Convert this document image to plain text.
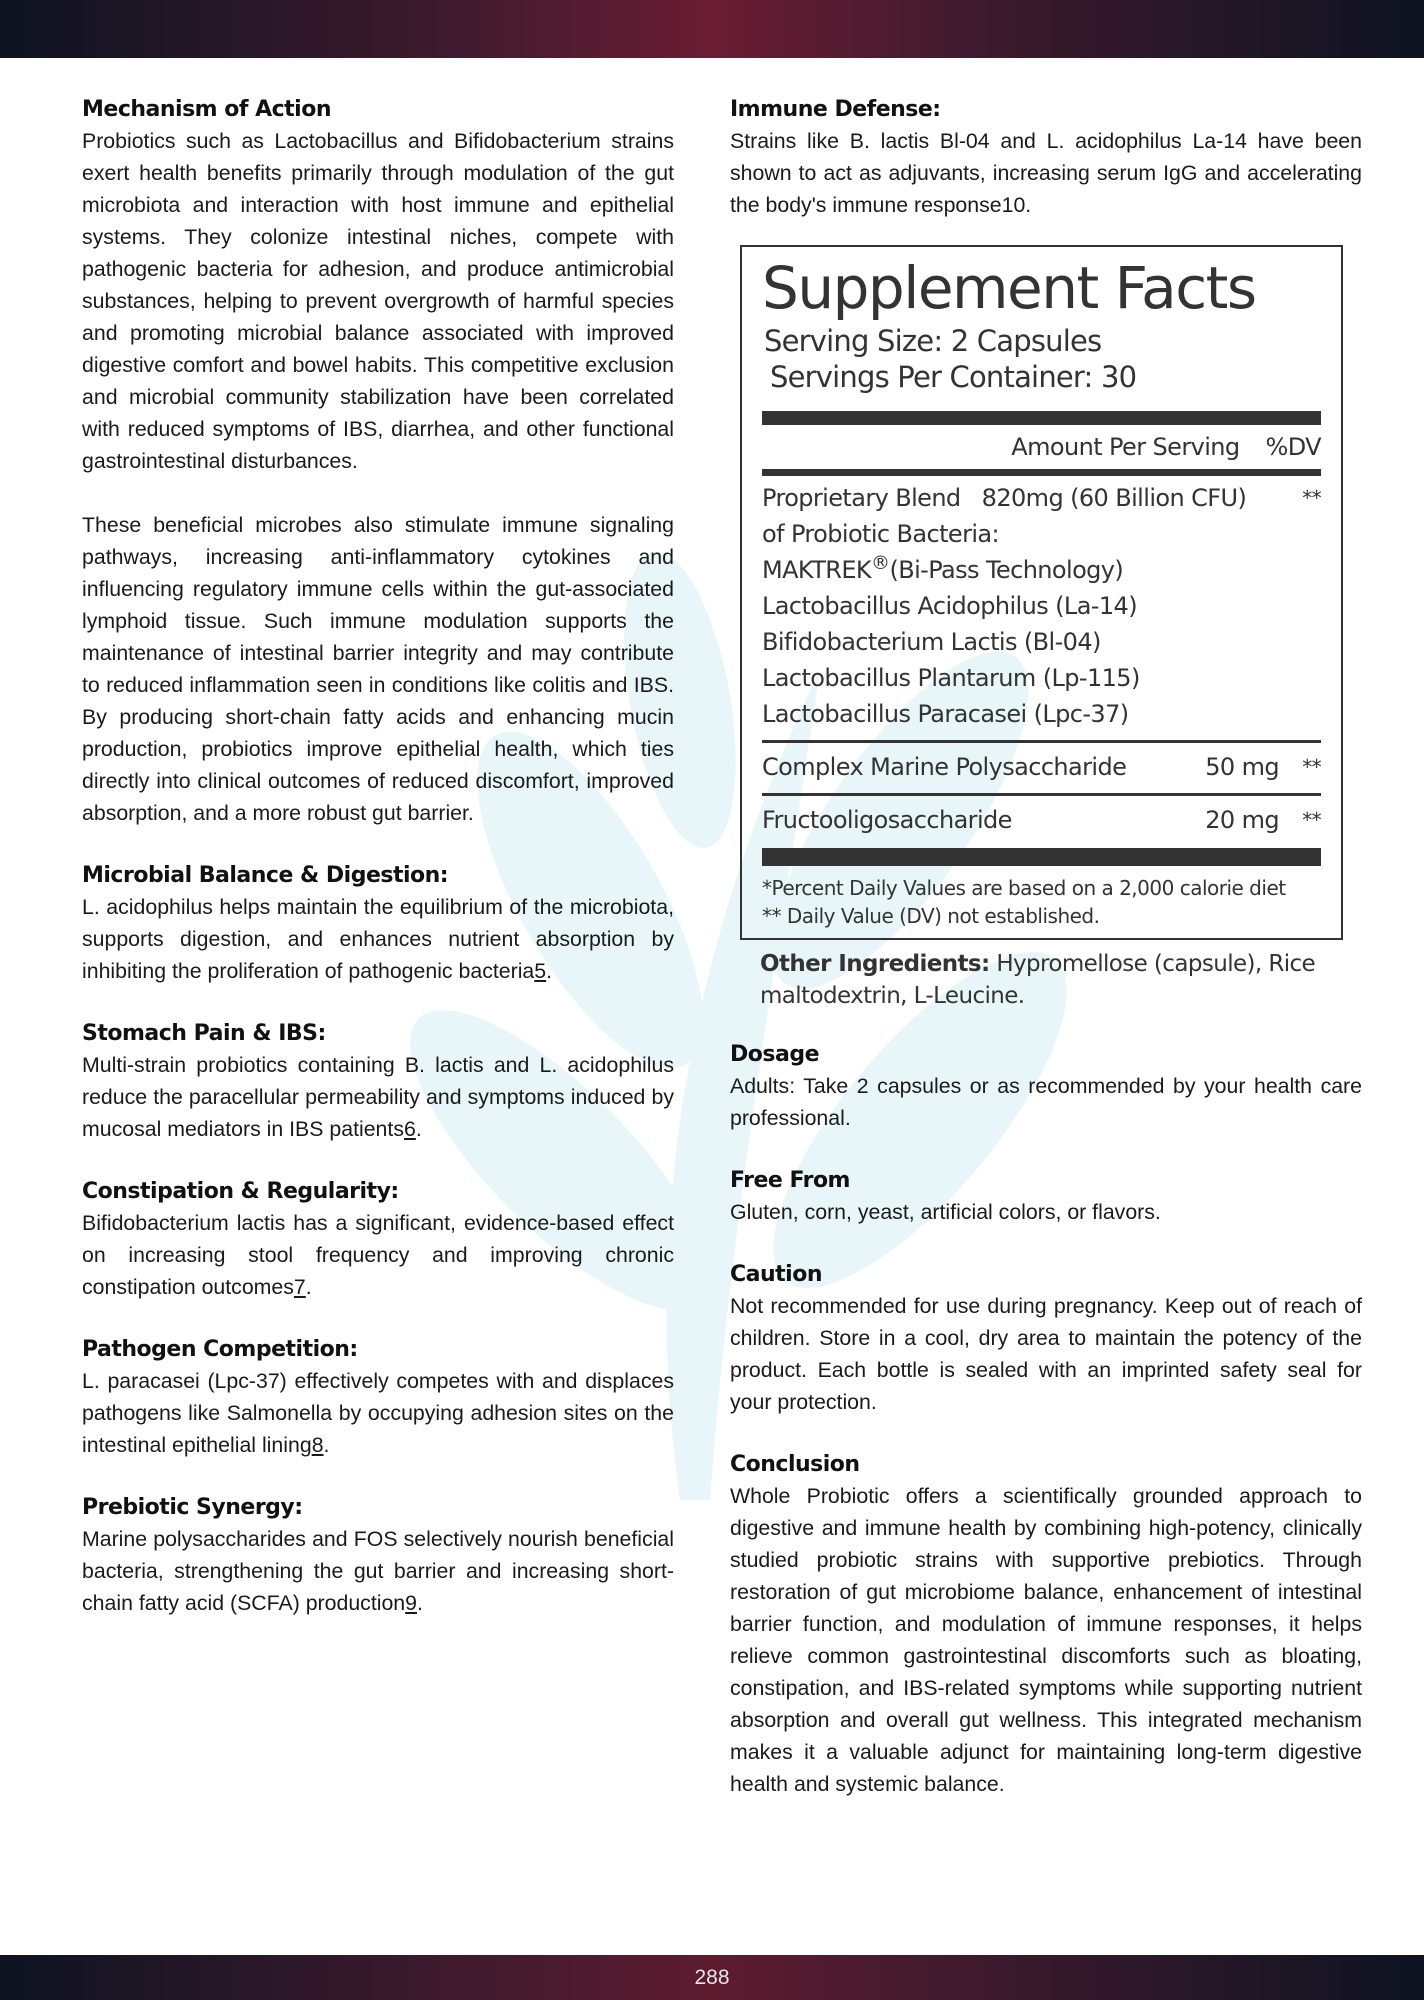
Mechanism of Action

Probiotics such as Lactobacillus and Bifidobacterium strains exert health benefits primarily through modulation of the gut microbiota and interaction with host immune and epithelial systems. They colonize intestinal niches, compete with pathogenic bacteria for adhesion, and produce antimicrobial substances, helping to prevent overgrowth of harmful species and promoting microbial balance associated with improved digestive comfort and bowel habits. This competitive exclusion and microbial community stabilization have been correlated with reduced symptoms of IBS, diarrhea, and other functional gastrointestinal disturbances.

These beneficial microbes also stimulate immune signaling pathways, increasing anti-inflammatory cytokines and influencing regulatory immune cells within the gut-associated lymphoid tissue. Such immune modulation supports the maintenance of intestinal barrier integrity and may contribute to reduced inflammation seen in conditions like colitis and IBS. By producing short-chain fatty acids and enhancing mucin production, probiotics improve epithelial health, which ties directly into clinical outcomes of reduced discomfort, improved absorption, and a more robust gut barrier.

Microbial Balance & Digestion:

L. acidophilus helps maintain the equilibrium of the microbiota, supports digestion, and enhances nutrient absorption by inhibiting the proliferation of pathogenic bacteria5.

Stomach Pain & IBS:

Multi-strain probiotics containing B. lactis and L. acidophilus reduce the paracellular permeability and symptoms induced by mucosal mediators in IBS patients6.

Constipation & Regularity:

Bifidobacterium lactis has a significant, evidence-based effect on increasing stool frequency and improving chronic constipation outcomes7.

Pathogen Competition:

L. paracasei (Lpc-37) effectively competes with and displaces pathogens like Salmonella by occupying adhesion sites on the intestinal epithelial lining8.

Prebiotic Synergy:

Marine polysaccharides and FOS selectively nourish beneficial bacteria, strengthening the gut barrier and increasing short-chain fatty acid (SCFA) production9.

Immune Defense:

Strains like B. lactis Bl-04 and L. acidophilus La-14 have been shown to act as adjuvants, increasing serum IgG and accelerating the body's immune response10.

Supplement Facts
Serving Size: 2 Capsules
Servings Per Container: 30
Amount Per Serving %DV
Proprietary Blend 820mg (60 Billion CFU)	**
of Probiotic Bacteria:
MAKTREK®(Bi-Pass Technology)
Lactobacillus Acidophilus (La-14)
Bifidobacterium Lactis (Bl-04)
Lactobacillus Plantarum (Lp-115)
Lactobacillus Paracasei (Lpc-37)
Complex Marine Polysaccharide	50 mg	**
Fructooligosaccharide	20 mg	**
*Percent Daily Values are based on a 2,000 calorie diet
** Daily Value (DV) not established.
Other Ingredients: Hypromellose (capsule), Rice maltodextrin, L-Leucine.
Dosage

Adults: Take 2 capsules or as recommended by your health care professional.

Free From

Gluten, corn, yeast, artificial colors, or flavors.

Caution

Not recommended for use during pregnancy. Keep out of reach of children. Store in a cool, dry area to maintain the potency of the product. Each bottle is sealed with an imprinted safety seal for your protection.

Conclusion

Whole Probiotic offers a scientifically grounded approach to digestive and immune health by combining high-potency, clinically studied probiotic strains with supportive prebiotics. Through restoration of gut microbiome balance, enhancement of intestinal barrier function, and modulation of immune responses, it helps relieve common gastrointestinal discomforts such as bloating, constipation, and IBS-related symptoms while supporting nutrient absorption and overall gut wellness. This integrated mechanism makes it a valuable adjunct for maintaining long-term digestive health and systemic balance.

288
